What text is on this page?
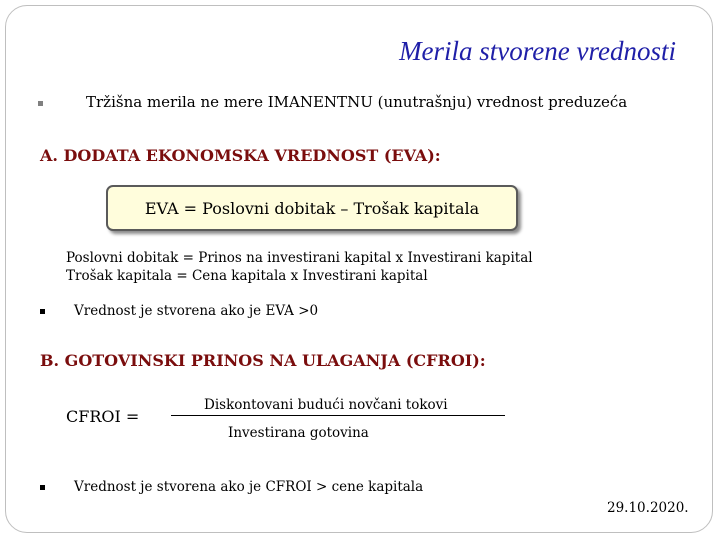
Merila stvorene vrednosti
Tržišna merila ne mere IMANENTNU (unutrašnju) vrednost preduzeća
A. DODATA EKONOMSKA VREDNOST (EVA):
EVA = Poslovni dobitak – Trošak kapitala
Poslovni dobitak = Prinos na investirani kapital x Investirani kapital
Trošak kapitala = Cena kapitala x Investirani kapital
Vrednost je stvorena ako je EVA >0
B. GOTOVINSKI PRINOS NA ULAGANJA (CFROI):
CFROI =
Diskontovani budući novčani tokovi
Investirana gotovina
Vrednost je stvorena ako je CFROI > cene kapitala
29.10.2020.
